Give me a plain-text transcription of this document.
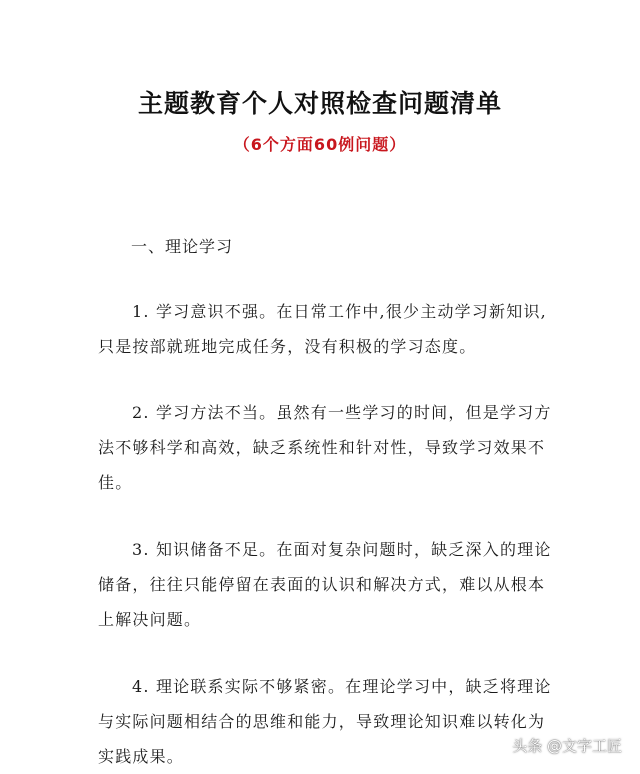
主题教育个人对照检查问题清单
（6个方面60例问题）
一、理论学习
1. 学习意识不强。在日常工作中,很少主动学习新知识,
只是按部就班地完成任务，没有积极的学习态度。
2. 学习方法不当。虽然有一些学习的时间，但是学习方
法不够科学和高效，缺乏系统性和针对性，导致学习效果不
佳。
3. 知识储备不足。在面对复杂问题时，缺乏深入的理论
储备，往往只能停留在表面的认识和解决方式，难以从根本
上解决问题。
4. 理论联系实际不够紧密。在理论学习中，缺乏将理论
与实际问题相结合的思维和能力，导致理论知识难以转化为
实践成果。
头条 @文字工匠
